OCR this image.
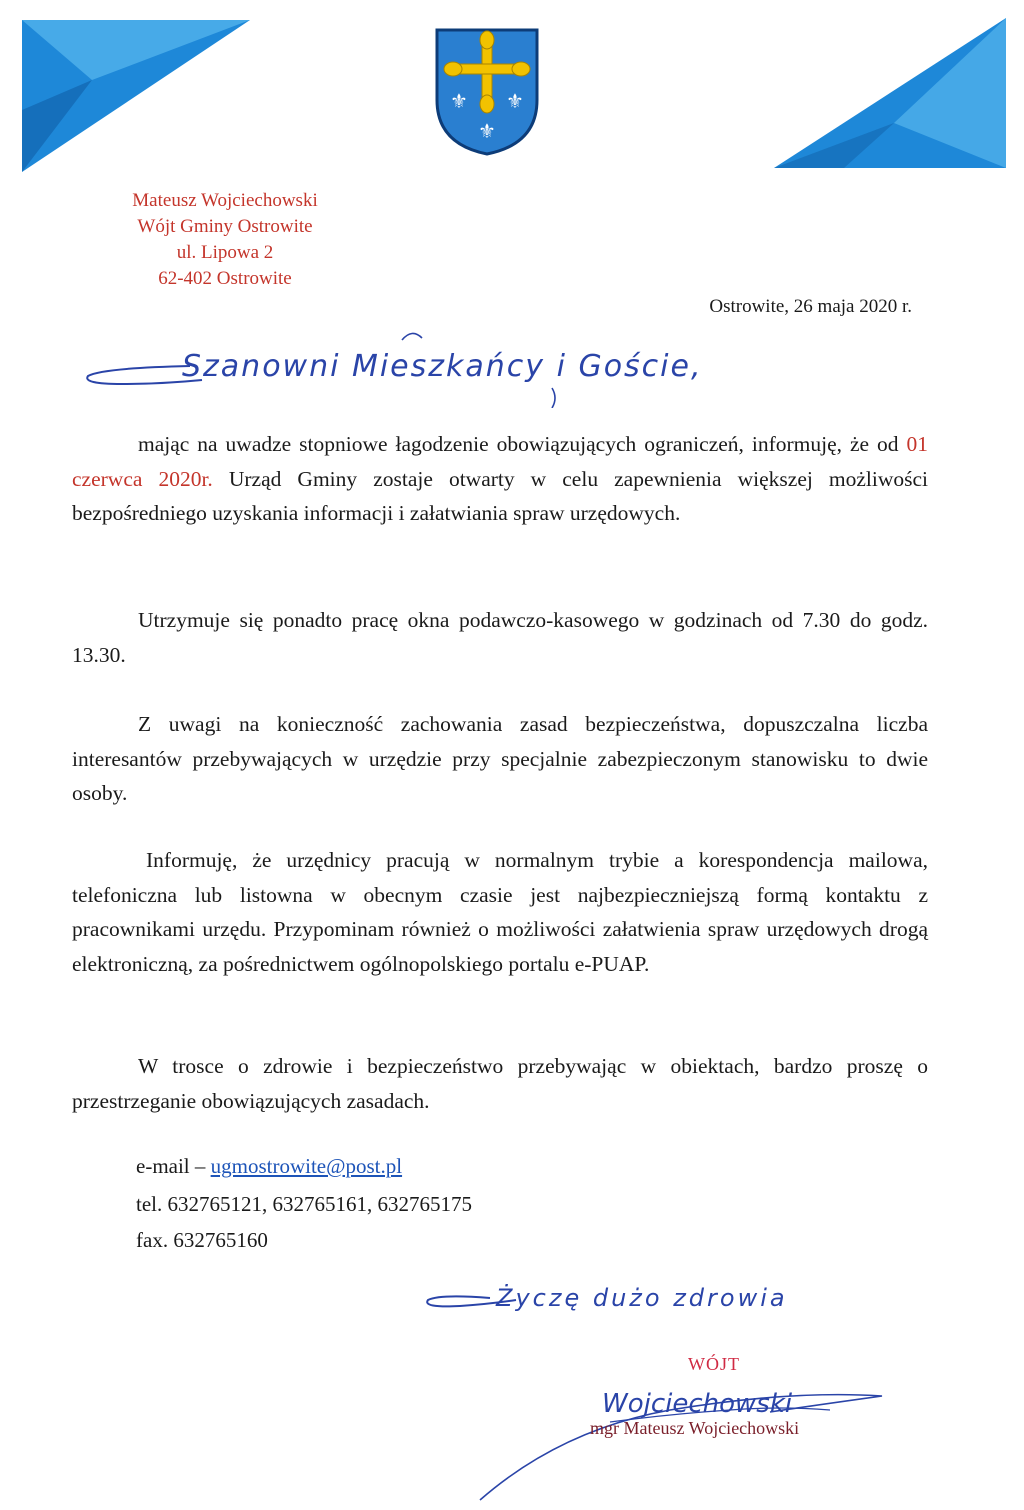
⚜ ⚜
⚜
Mateusz Wojciechowski
Wójt Gminy Ostrowite
ul. Lipowa 2
62-402 Ostrowite
Ostrowite, 26 maja 2020 r.
Szanowni Mieszkańcy i Goście,
mając na uwadze stopniowe łagodzenie obowiązujących ograniczeń, informuję, że od 01 czerwca 2020r. Urząd Gminy zostaje otwarty w celu zapewnienia większej możliwości bezpośredniego uzyskania informacji i załatwiania spraw urzędowych.
Utrzymuje się ponadto pracę okna podawczo-kasowego w godzinach od 7.30 do godz. 13.30.
Z uwagi na konieczność zachowania zasad bezpieczeństwa, dopuszczalna liczba interesantów przebywających w urzędzie przy specjalnie zabezpieczonym stanowisku to dwie osoby.
Informuję, że urzędnicy pracują w normalnym trybie a korespondencja mailowa, telefoniczna lub listowna w obecnym czasie jest najbezpieczniejszą formą kontaktu z pracownikami urzędu. Przypominam również o możliwości załatwienia spraw urzędowych drogą elektroniczną, za pośrednictwem ogólnopolskiego portalu e-PUAP.
W trosce o zdrowie i bezpieczeństwo przebywając w obiektach, bardzo proszę o przestrzeganie obowiązujących zasadach.
e-mail – ugmostrowite@post.pl
tel. 632765121, 632765161, 632765175
fax. 632765160
Życzę dużo zdrowia
WÓJT
Wojciechowski
mgr Mateusz Wojciechowski
